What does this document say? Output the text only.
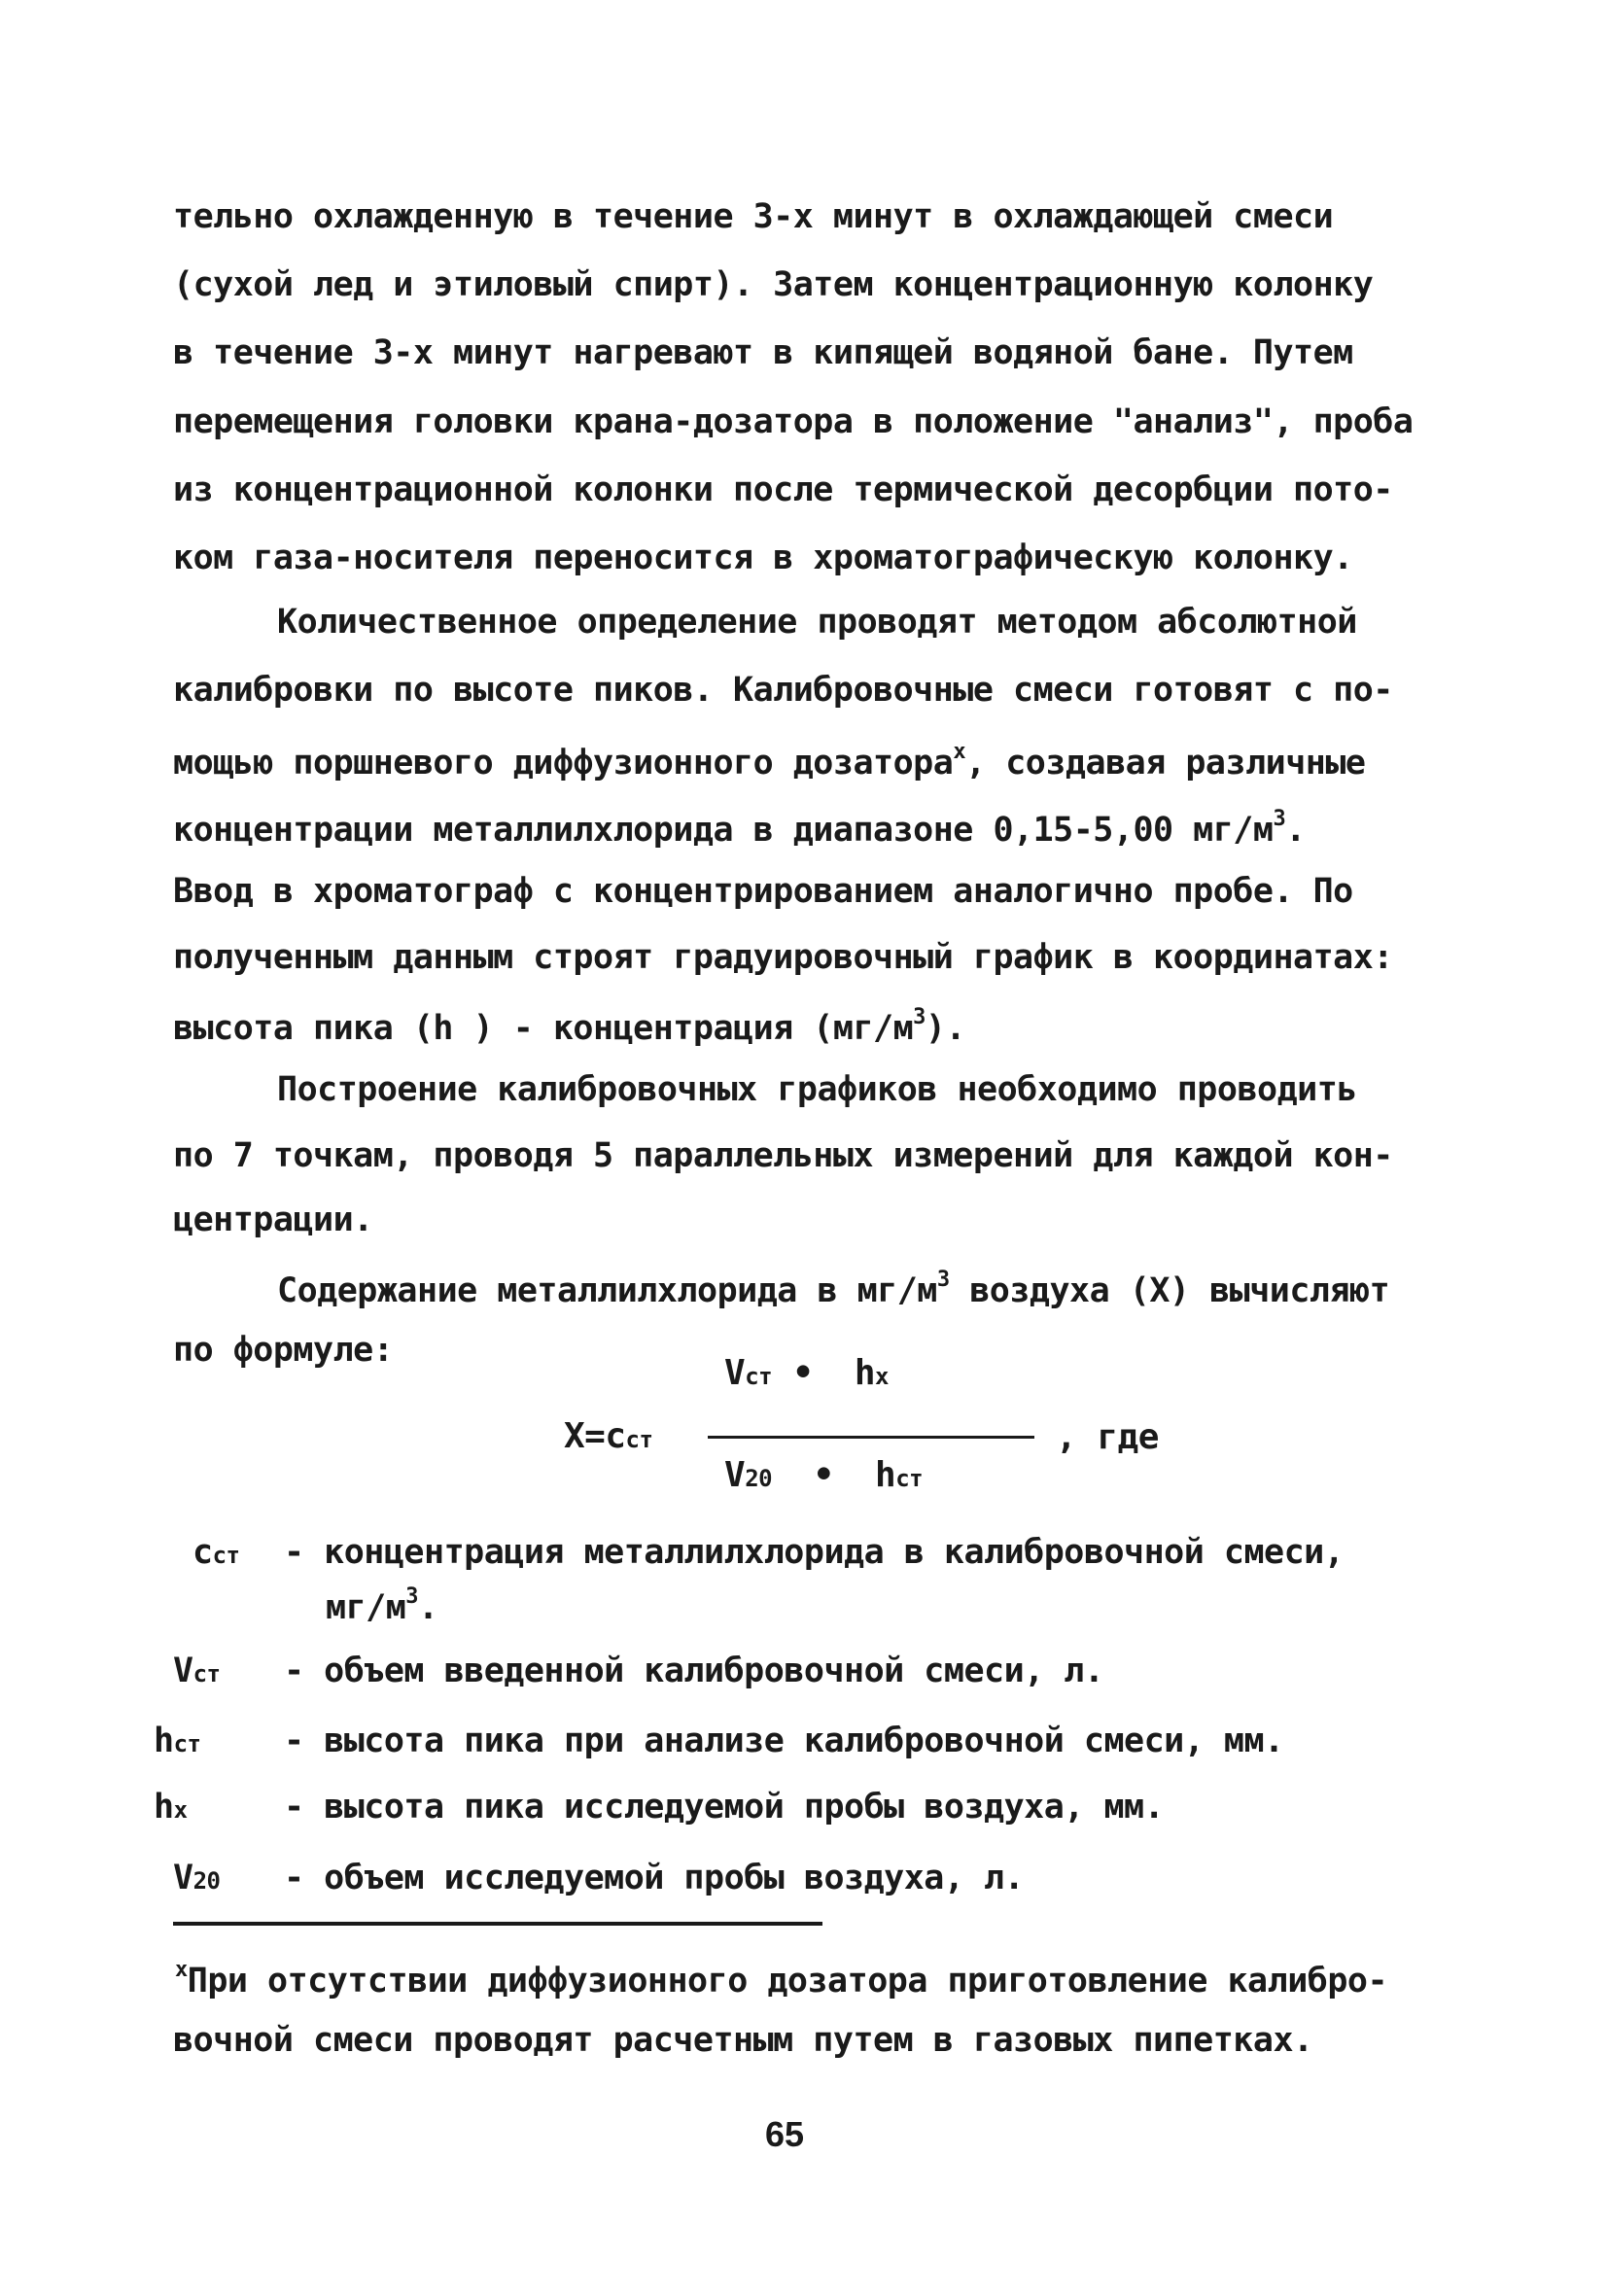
тельно охлажденную в течение 3-х минут в охлаждающей смеси
(сухой лед и этиловый спирт). Затем концентрационную колонку
в течение 3-х минут нагревают в кипящей водяной бане. Путем
перемещения головки крана-дозатора в положение "анализ", проба
из концентрационной колонки после термической десорбции пото-
ком газа-носителя переносится в хроматографическую колонку.
Количественное определение проводят методом абсолютной
калибровки по высоте пиков. Калибровочные смеси готовят с по-
мощью поршневого диффузионного дозатора$^x$, создавая различные
концентрации металлилхлорида в диапазоне 0,15-5,00 $мг/м^3$.
Ввод в хроматограф с концентрированием аналогично пробе. По
полученным данным строят градуировочный график в координатах:
высота пика (h ) - концентрация $(мг/м^3)$.
Построение калибровочных графиков необходимо проводить
по 7 точкам, проводя 5 параллельных измерений для каждой кон-
центрации.
Содержание металлилхлорида в $мг/м^3$ воздуха (X) вычисляют
по формуле:
Vст • hx
X=cст	, где
V20 • hст
cст - концентрация металлилхлорида в калибровочной смеси,
$мг/м^3$.
Vст - объем введенной калибровочной смеси, л.
hст - высота пика при анализе калибровочной смеси, мм.
hx	- высота пика исследуемой пробы воздуха, мм.
V20 - объем исследуемой пробы воздуха, л.
$^x$При отсутствии диффузионного дозатора приготовление калибро-
вочной смеси проводят расчетным путем в газовых пипетках.
65
